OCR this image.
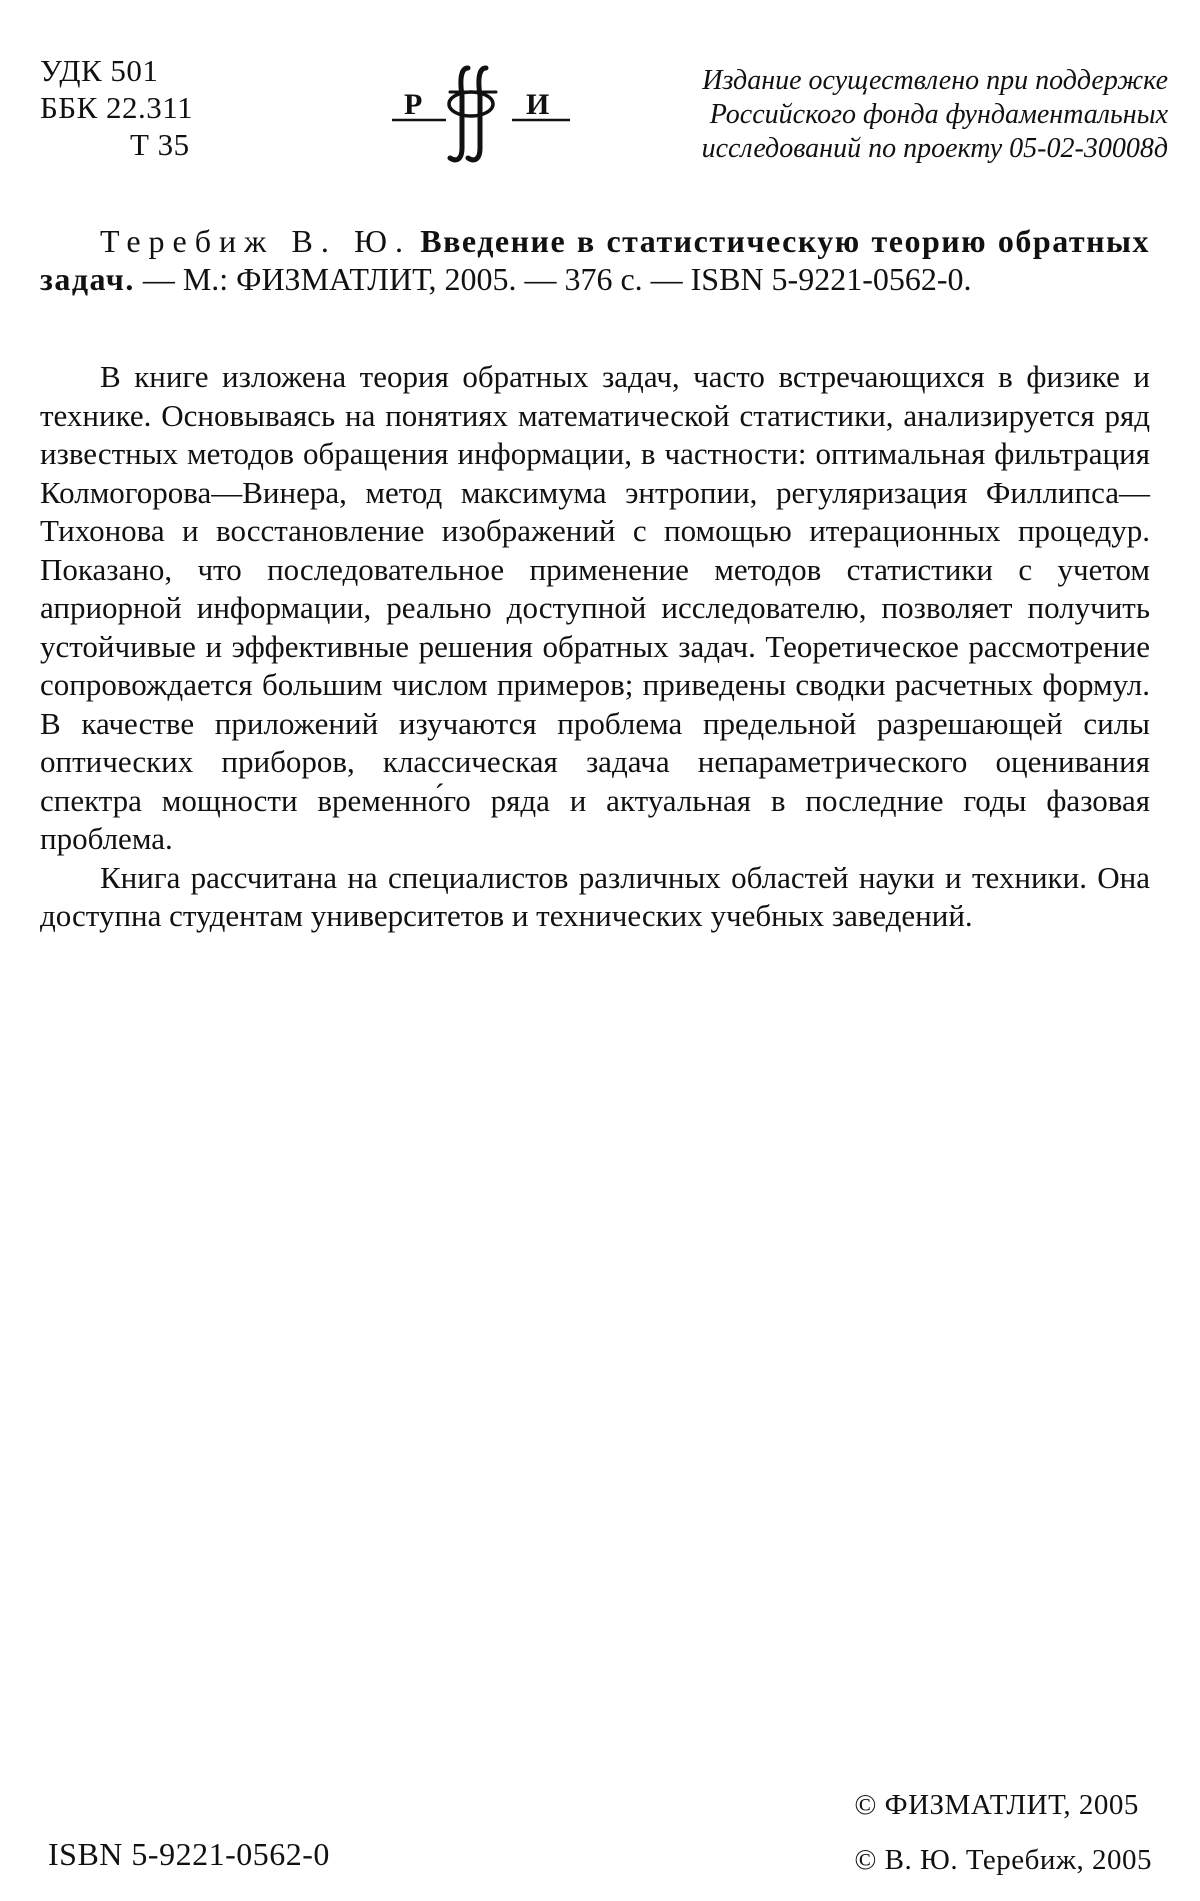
УДК 501
ББК 22.311
Т 35
Р	И
Издание осуществлено при поддержке
Российского фонда фундаментальных
исследований по проекту 05-02-30008д
Теребиж В. Ю. Введение в статистическую теорию обратных задач. — М.: ФИЗМАТЛИТ, 2005. — 376 с. — ISBN 5-9221-0562-0.

В книге изложена теория обратных задач, часто встречающихся в физике и технике. Основываясь на понятиях математической статистики, анализируется ряд известных методов обращения информации, в частности: оптимальная фильтрация Колмогорова—Винера, метод максимума энтропии, регуляризация Филлипса—Тихонова и восстановление изображений с помощью итерационных процедур. Показано, что последовательное применение методов статистики с учетом априорной информации, реально доступной исследователю, позволяет получить устойчивые и эффективные решения обратных задач. Теоретическое рассмотрение сопровождается большим числом примеров; приведены сводки расчетных формул. В качестве приложений изучаются проблема предельной разрешающей силы оптических приборов, классическая задача непараметрического оценивания спектра мощности временно́го ряда и актуальная в последние годы фазовая проблема.

Книга рассчитана на специалистов различных областей науки и техники. Она доступна студентам университетов и технических учебных заведений.

© ФИЗМАТЛИТ, 2005
© В. Ю. Теребиж, 2005
ISBN 5-9221-0562-0
